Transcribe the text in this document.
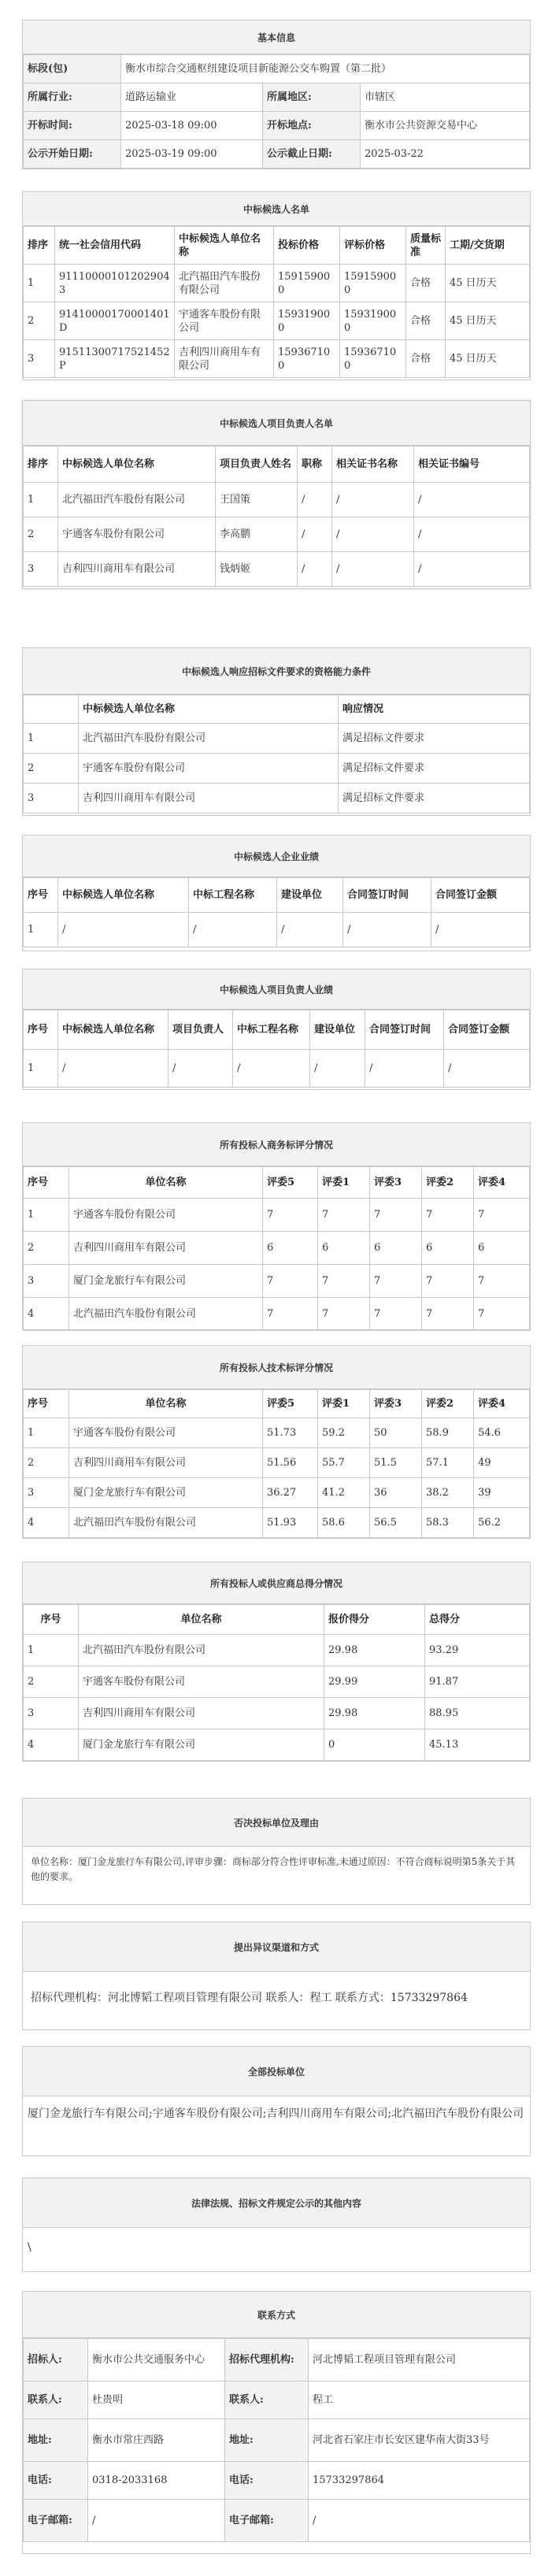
基本信息
标段(包)	衡水市综合交通枢纽建设项目新能源公交车购置（第二批）		
所属行业:	道路运输业	所属地区:	市辖区
开标时间:	2025-03-18 09:00	开标地点:	衡水市公共资源交易中心
公示开始日期:	2025-03-19 09:00	公示截止日期:	2025-03-22
中标候选人名单
排序	统一社会信用代码	中标候选人单位名称	投标价格	评标价格	质量标准	工期/交货期
1	91110000101202904 3	北汽福田汽车股份有限公司	159159000	159159000	合格	45 日历天
2	91410000170001401D	宇通客车股份有限公司	159319000	159319000	合格	45 日历天
3	91511300717521452P	吉利四川商用车有限公司	159367100	159367100	合格	45 日历天
中标候选人项目负责人名单
排序	中标候选人单位名称	项目负责人姓名	职称	相关证书名称	相关证书编号
1	北汽福田汽车股份有限公司	王国策	/	/	/
2	宇通客车股份有限公司	李高鹏	/	/	/
3	吉利四川商用车有限公司	钱炳姬	/	/	/
中标候选人响应招标文件要求的资格能力条件
	中标候选人单位名称	响应情况
1	北汽福田汽车股份有限公司	满足招标文件要求
2	宇通客车股份有限公司	满足招标文件要求
3	吉利四川商用车有限公司	满足招标文件要求
中标候选人企业业绩
序号	中标候选人单位名称	中标工程名称	建设单位	合同签订时间	合同签订金额
1	/	/	/	/	/
中标候选人项目负责人业绩
序号	中标候选人单位名称	项目负责人	中标工程名称	建设单位	合同签订时间	合同签订金额
1	/	/	/	/	/	/
所有投标人商务标评分情况
序号	单位名称	评委5	评委1	评委3	评委2	评委4
1	宇通客车股份有限公司	7	7	7	7	7
2	吉利四川商用车有限公司	6	6	6	6	6
3	厦门金龙旅行车有限公司	7	7	7	7	7
4	北汽福田汽车股份有限公司	7	7	7	7	7
所有投标人技术标评分情况
序号	单位名称	评委5	评委1	评委3	评委2	评委4
1	宇通客车股份有限公司	51.73	59.2	50	58.9	54.6
2	吉利四川商用车有限公司	51.56	55.7	51.5	57.1	49
3	厦门金龙旅行车有限公司	36.27	41.2	36	38.2	39
4	北汽福田汽车股份有限公司	51.93	58.6	56.5	58.3	56.2
所有投标人或供应商总得分情况
序号	单位名称	报价得分	总得分
1	北汽福田汽车股份有限公司	29.98	93.29
2	宇通客车股份有限公司	29.99	91.87
3	吉利四川商用车有限公司	29.98	88.95
4	厦门金龙旅行车有限公司	0	45.13
否决投标单位及理由
单位名称：厦门金龙旅行车有限公司,评审步骤：商标部分符合性评审标准,未通过原因：不符合商标说明第5条关于其他的要求。
提出异议渠道和方式
招标代理机构：河北博韬工程项目管理有限公司 联系人：程工 联系方式：15733297864
全部投标单位
厦门金龙旅行车有限公司;宇通客车股份有限公司;吉利四川商用车有限公司;北汽福田汽车股份有限公司
法律法规、招标文件规定公示的其他内容
\
联系方式
招标人:	衡水市公共交通服务中心	招标代理机构:	河北博韬工程项目管理有限公司
联系人:	杜贵明	联系人:	程工
地址:	衡水市常庄西路	地址:	河北省石家庄市长安区建华南大街33号
电话:	0318-2033168	电话:	15733297864
电子邮箱:	/	电子邮箱:	/
